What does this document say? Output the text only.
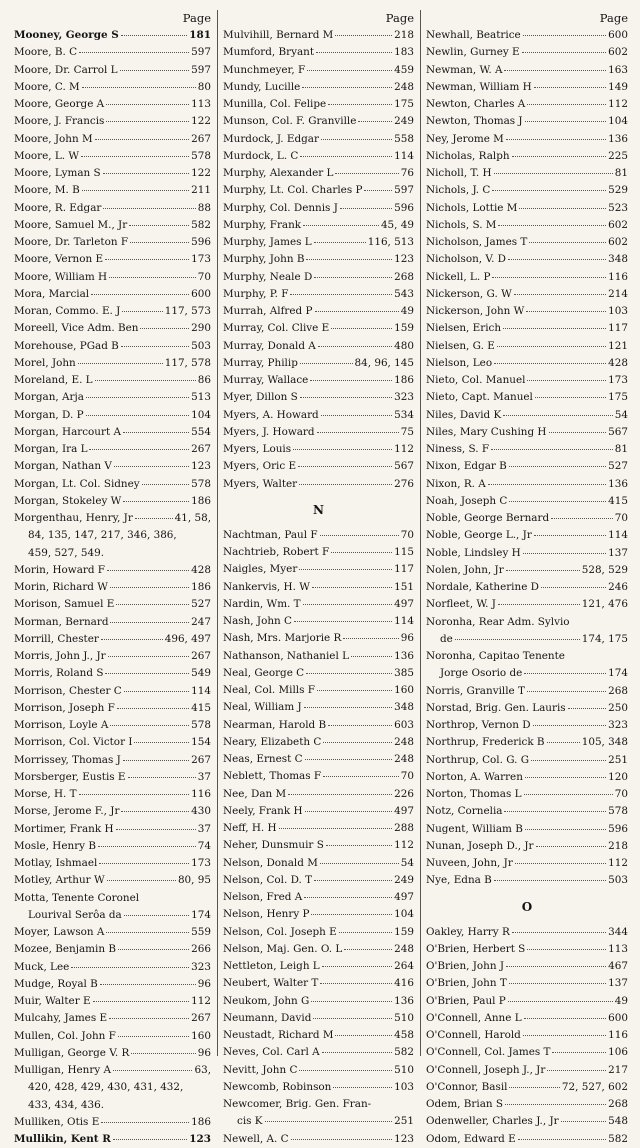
Page
Mooney, George S	181
Moore, B. C	597
Moore, Dr. Carrol L	597
Moore, C. M	80
Moore, George A	113
Moore, J. Francis	122
Moore, John M	267
Moore, L. W	578
Moore, Lyman S	122
Moore, M. B	211
Moore, R. Edgar	88
Moore, Samuel M., Jr	582
Moore, Dr. Tarleton F	596
Moore, Vernon E	173
Moore, William H	70
Mora, Marcial	600
Moran, Commo. E. J	117, 573
Moreell, Vice Adm. Ben	290
Morehouse, PGad B	503
Morel, John	117, 578
Moreland, E. L	86
Morgan, Arja	513
Morgan, D. P	104
Morgan, Harcourt A	554
Morgan, Ira L	267
Morgan, Nathan V	123
Morgan, Lt. Col. Sidney	578
Morgan, Stokeley W	186
Morgenthau, Henry, Jr	41, 58,
84, 135, 147, 217, 346, 386,
459, 527, 549.
Morin, Howard F	428
Morin, Richard W	186
Morison, Samuel E	527
Morman, Bernard	247
Morrill, Chester	496, 497
Morris, John J., Jr	267
Morris, Roland S	549
Morrison, Chester C	114
Morrison, Joseph F	415
Morrison, Loyle A	578
Morrison, Col. Victor I	154
Morrissey, Thomas J	267
Morsberger, Eustis E	37
Morse, H. T	116
Morse, Jerome F., Jr	430
Mortimer, Frank H	37
Mosle, Henry B	74
Motlay, Ishmael	173
Motley, Arthur W	80, 95
Motta, Tenente Coronel
Lourival Serôa da	174
Moyer, Lawson A	559
Mozee, Benjamin B	266
Muck, Lee	323
Mudge, Royal B	96
Muir, Walter E	112
Mulcahy, James E	267
Mullen, Col. John F	160
Mulligan, George V. R	96
Mulligan, Henry A	63,
420, 428, 429, 430, 431, 432,
433, 434, 436.
Mulliken, Otis E	186
Mullikin, Kent R	123
Page
Mulvihill, Bernard M	218
Mumford, Bryant	183
Munchmeyer, F	459
Mundy, Lucille	248
Munilla, Col. Felipe	175
Munson, Col. F. Granville	249
Murdock, J. Edgar	558
Murdock, L. C	114
Murphy, Alexander L	76
Murphy, Lt. Col. Charles P	597
Murphy, Col. Dennis J	596
Murphy, Frank	45, 49
Murphy, James L	116, 513
Murphy, John B	123
Murphy, Neale D	268
Murphy, P. F	543
Murrah, Alfred P	49
Murray, Col. Clive E	159
Murray, Donald A	480
Murray, Philip	84, 96, 145
Murray, Wallace	186
Myer, Dillon S	323
Myers, A. Howard	534
Myers, J. Howard	75
Myers, Louis	112
Myers, Oric E	567
Myers, Walter	276
N
Nachtman, Paul F	70
Nachtrieb, Robert F	115
Naigles, Myer	117
Nankervis, H. W	151
Nardin, Wm. T	497
Nash, John C	114
Nash, Mrs. Marjorie R	96
Nathanson, Nathaniel L	136
Neal, George C	385
Neal, Col. Mills F	160
Neal, William J	348
Nearman, Harold B	603
Neary, Elizabeth C	248
Neas, Ernest C	248
Neblett, Thomas F	70
Nee, Dan M	226
Neely, Frank H	497
Neff, H. H	288
Neher, Dunsmuir S	112
Nelson, Donald M	54
Nelson, Col. D. T	249
Nelson, Fred A	497
Nelson, Henry P	104
Nelson, Col. Joseph E	159
Nelson, Maj. Gen. O. L	248
Nettleton, Leigh L	264
Neubert, Walter T	416
Neukom, John G	136
Neumann, David	510
Neustadt, Richard M	458
Neves, Col. Carl A	582
Nevitt, John C	510
Newcomb, Robinson	103
Newcomer, Brig. Gen. Fran-
cis K	251
Newell, A. C	123
Page
Newhall, Beatrice	600
Newlin, Gurney E	602
Newman, W. A	163
Newman, William H	149
Newton, Charles A	112
Newton, Thomas J	104
Ney, Jerome M	136
Nicholas, Ralph	225
Nicholl, T. H	81
Nichols, J. C	529
Nichols, Lottie M	523
Nichols, S. M	602
Nicholson, James T	602
Nicholson, V. D	348
Nickell, L. P	116
Nickerson, G. W	214
Nickerson, John W	103
Nielsen, Erich	117
Nielsen, G. E	121
Nielson, Leo	428
Nieto, Col. Manuel	173
Nieto, Capt. Manuel	175
Niles, David K	54
Niles, Mary Cushing H	567
Niness, S. F	81
Nixon, Edgar B	527
Nixon, R. A	136
Noah, Joseph C	415
Noble, George Bernard	70
Noble, George L., Jr	114
Noble, Lindsley H	137
Nolen, John, Jr	528, 529
Nordale, Katherine D	246
Norfleet, W. J	121, 476
Noronha, Rear Adm. Sylvio
de	174, 175
Noronha, Capitao Tenente
Jorge Osorio de	174
Norris, Granville T	268
Norstad, Brig. Gen. Lauris	250
Northrop, Vernon D	323
Northrup, Frederick B	105, 348
Northrup, Col. G. G	251
Norton, A. Warren	120
Norton, Thomas L	70
Notz, Cornelia	578
Nugent, William B	596
Nunan, Joseph D., Jr	218
Nuveen, John, Jr	112
Nye, Edna B	503
O
Oakley, Harry R	344
O'Brien, Herbert S	113
O'Brien, John J	467
O'Brien, John T	137
O'Brien, Paul P	49
O'Connell, Anne L	600
O'Connell, Harold	116
O'Connell, Col. James T	106
O'Connell, Joseph J., Jr	217
O'Connor, Basil	72, 527, 602
Odem, Brian S	268
Odenweller, Charles J., Jr	548
Odom, Edward E	582
